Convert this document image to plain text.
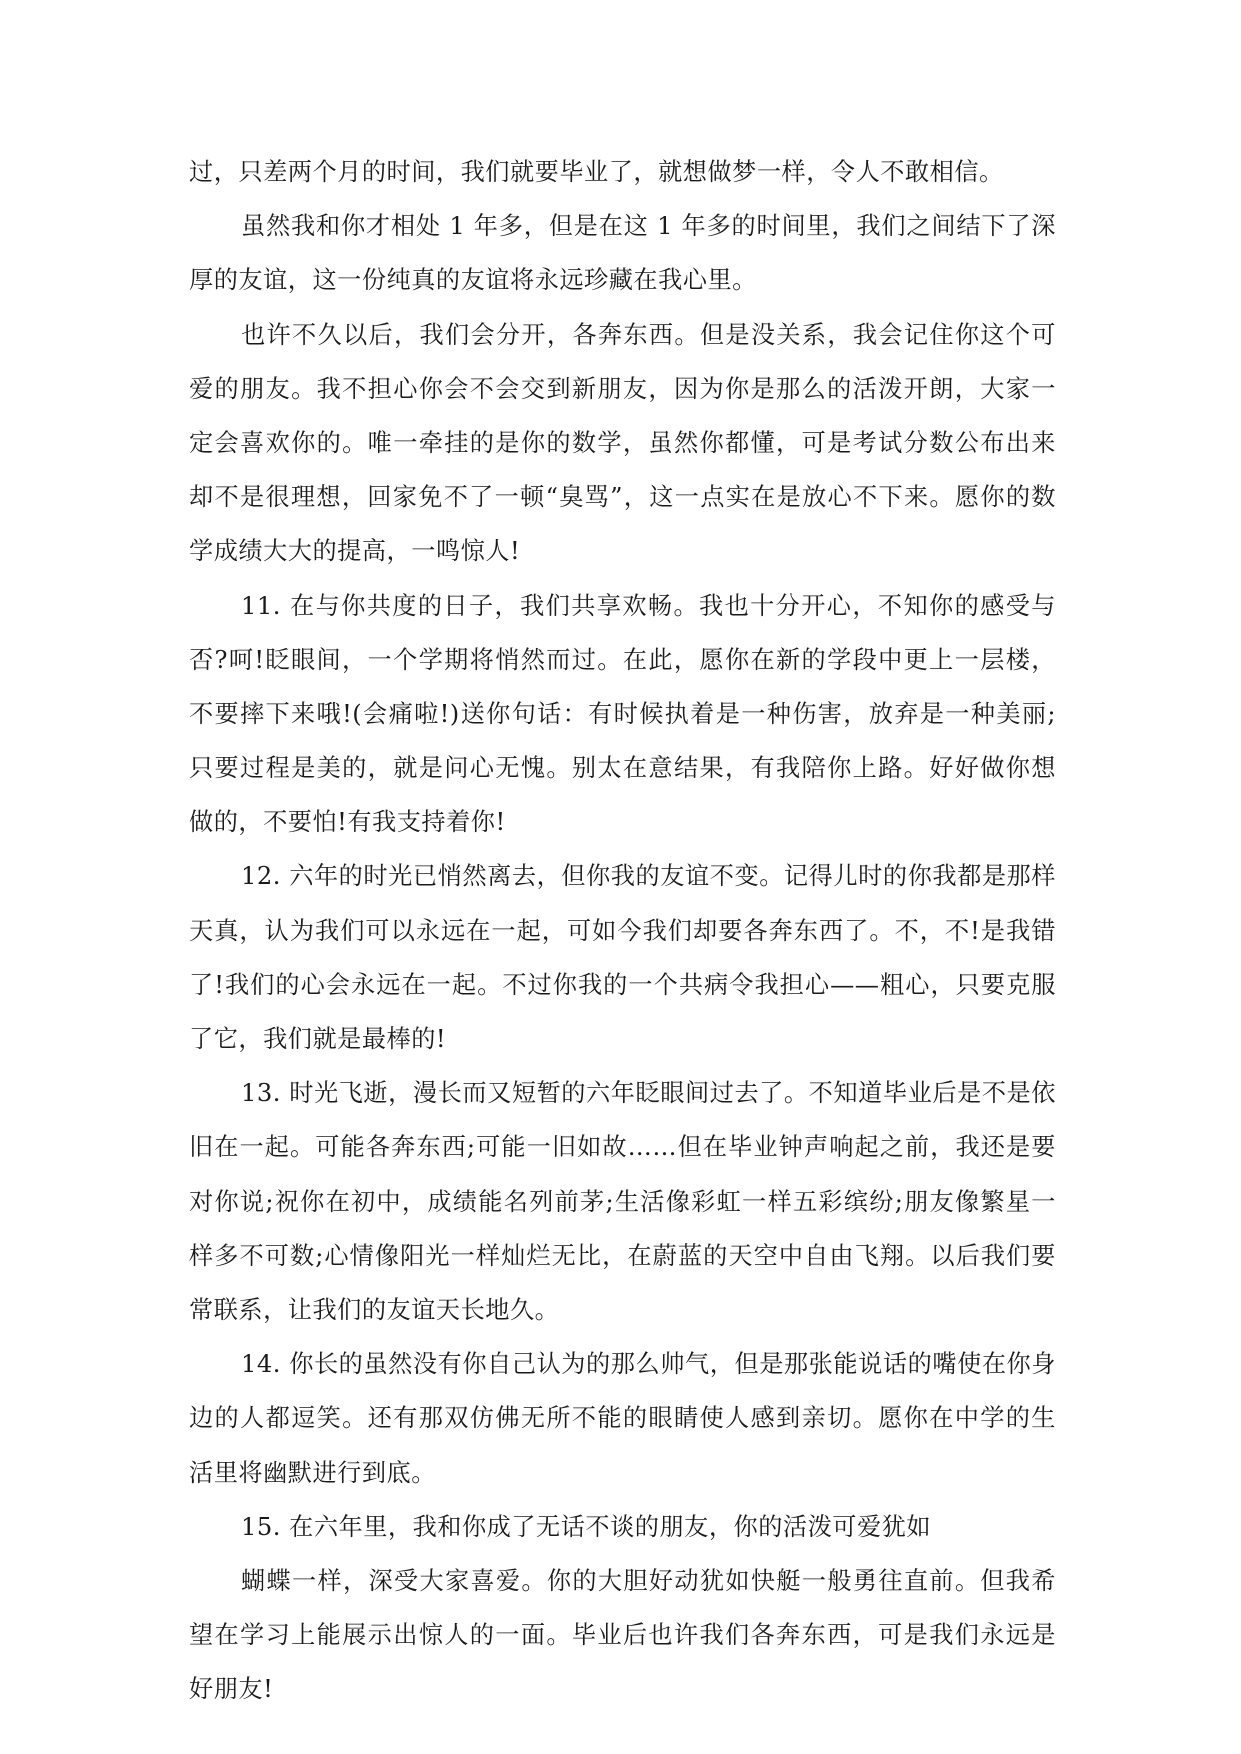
过，只差两个月的时间，我们就要毕业了，就想做梦一样，令人不敢相信。
虽然我和你才相处 1 年多，但是在这 1 年多的时间里，我们之间结下了深
厚的友谊，这一份纯真的友谊将永远珍藏在我心里。
也许不久以后，我们会分开，各奔东西。但是没关系，我会记住你这个可
爱的朋友。我不担心你会不会交到新朋友，因为你是那么的活泼开朗，大家一
定会喜欢你的。唯一牵挂的是你的数学，虽然你都懂，可是考试分数公布出来
却不是很理想，回家免不了一顿“臭骂”，这一点实在是放心不下来。愿你的数
学成绩大大的提高，一鸣惊人!
11. 在与你共度的日子，我们共享欢畅。我也十分开心，不知你的感受与
否?呵!眨眼间，一个学期将悄然而过。在此，愿你在新的学段中更上一层楼，
不要摔下来哦!(会痛啦!)送你句话：有时候执着是一种伤害，放弃是一种美丽;
只要过程是美的，就是问心无愧。别太在意结果，有我陪你上路。好好做你想
做的，不要怕!有我支持着你!
12. 六年的时光已悄然离去，但你我的友谊不变。记得儿时的你我都是那样
天真，认为我们可以永远在一起，可如今我们却要各奔东西了。不，不!是我错
了!我们的心会永远在一起。不过你我的一个共病令我担心——粗心，只要克服
了它，我们就是最棒的!
13. 时光飞逝，漫长而又短暂的六年眨眼间过去了。不知道毕业后是不是依
旧在一起。可能各奔东西;可能一旧如故……但在毕业钟声响起之前，我还是要
对你说;祝你在初中，成绩能名列前茅;生活像彩虹一样五彩缤纷;朋友像繁星一
样多不可数;心情像阳光一样灿烂无比，在蔚蓝的天空中自由飞翔。以后我们要
常联系，让我们的友谊天长地久。
14. 你长的虽然没有你自己认为的那么帅气，但是那张能说话的嘴使在你身
边的人都逗笑。还有那双仿佛无所不能的眼睛使人感到亲切。愿你在中学的生
活里将幽默进行到底。
15. 在六年里，我和你成了无话不谈的朋友，你的活泼可爱犹如
蝴蝶一样，深受大家喜爱。你的大胆好动犹如快艇一般勇往直前。但我希
望在学习上能展示出惊人的一面。毕业后也许我们各奔东西，可是我们永远是
好朋友!
